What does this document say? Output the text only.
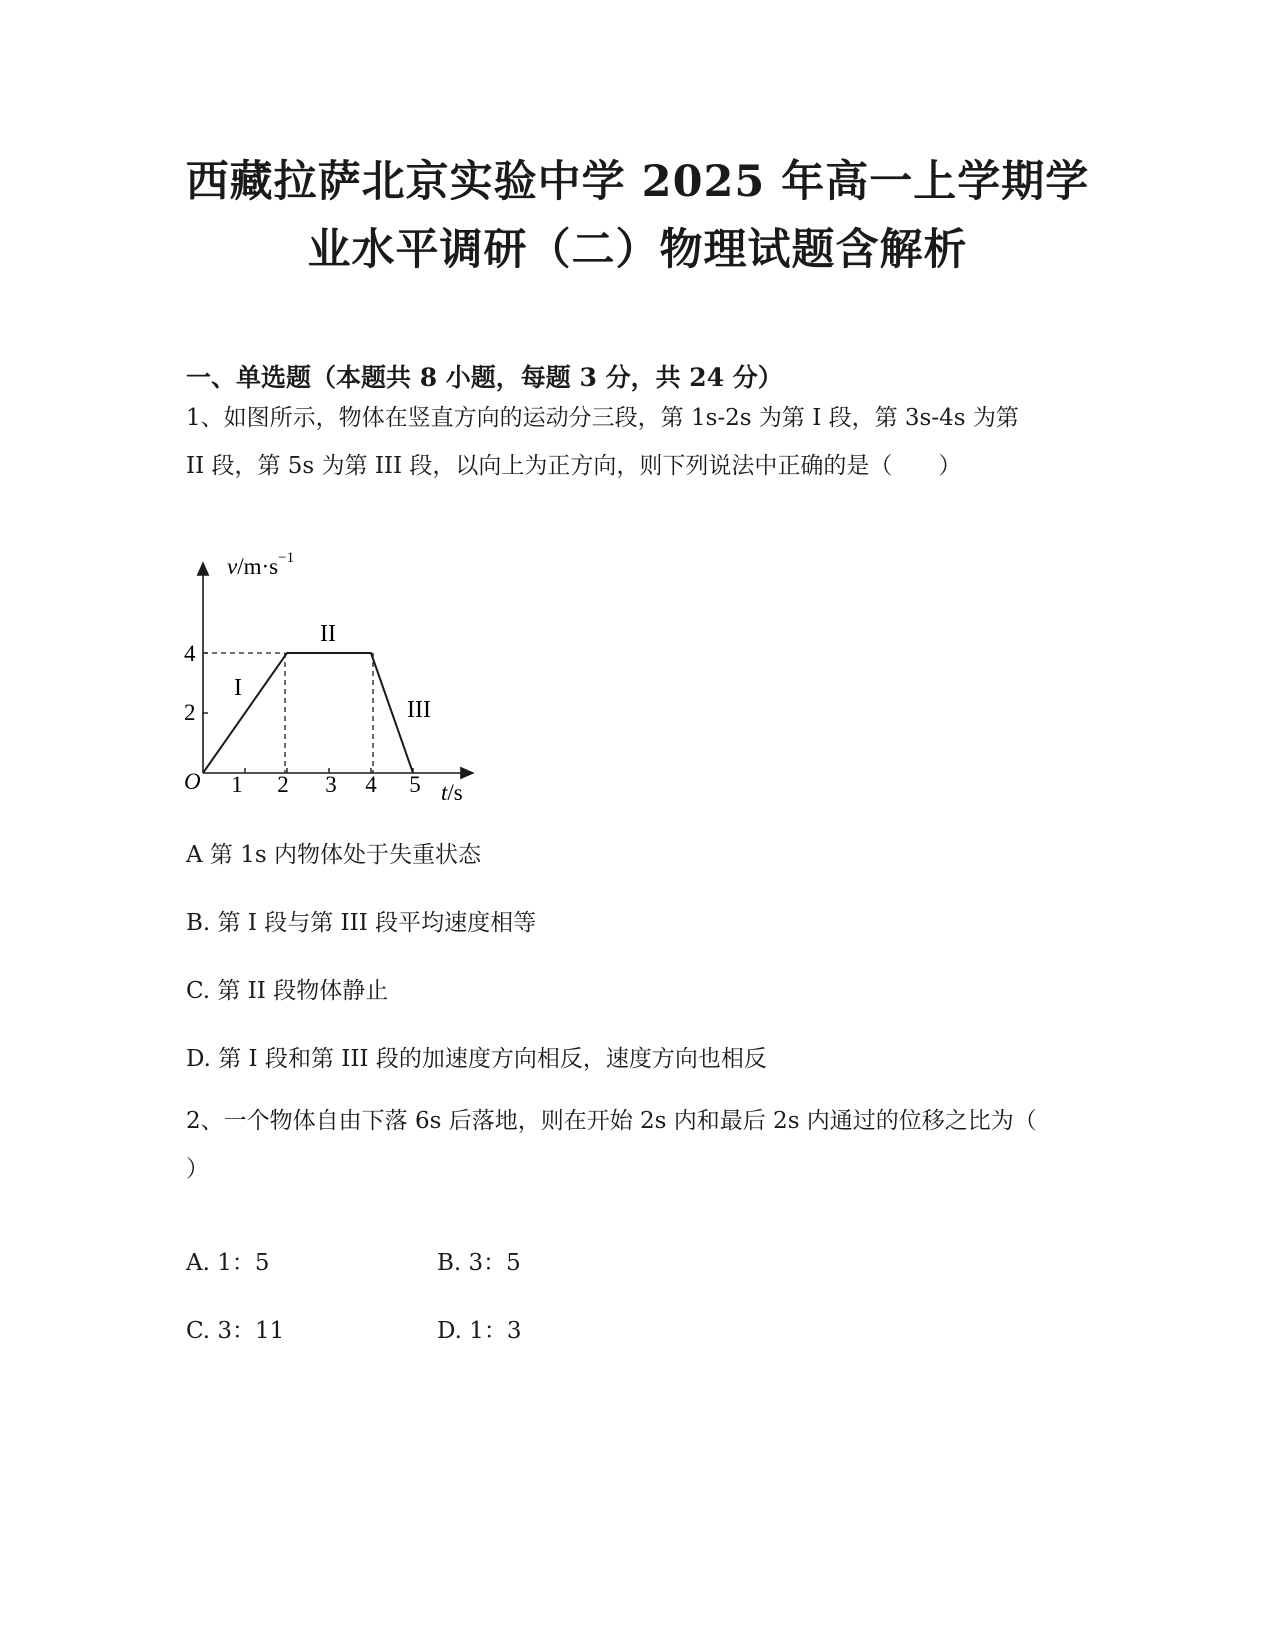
西藏拉萨北京实验中学 2025 年高一上学期学
业水平调研（二）物理试题含解析
一、单选题（本题共 8 小题，每题 3 分，共 24 分）
1、如图所示，物体在竖直方向的运动分三段，第 1s-2s 为第 I 段，第 3s-4s 为第
II 段，第 5s 为第 III 段，以向上为正方向，则下列说法中正确的是（　　）
$v/m\cdot s^{-1}$
t/s
O
4
2
1 2 3 4 5
I
II
III
A 第 1s 内物体处于失重状态
B. 第 I 段与第 III 段平均速度相等
C. 第 II 段物体静止
D. 第 I 段和第 III 段的加速度方向相反，速度方向也相反
2、一个物体自由下落 6s 后落地，则在开始 2s 内和最后 2s 内通过的位移之比为（
）
A. 1：5	B. 3：5
C. 3：11	D. 1：3
